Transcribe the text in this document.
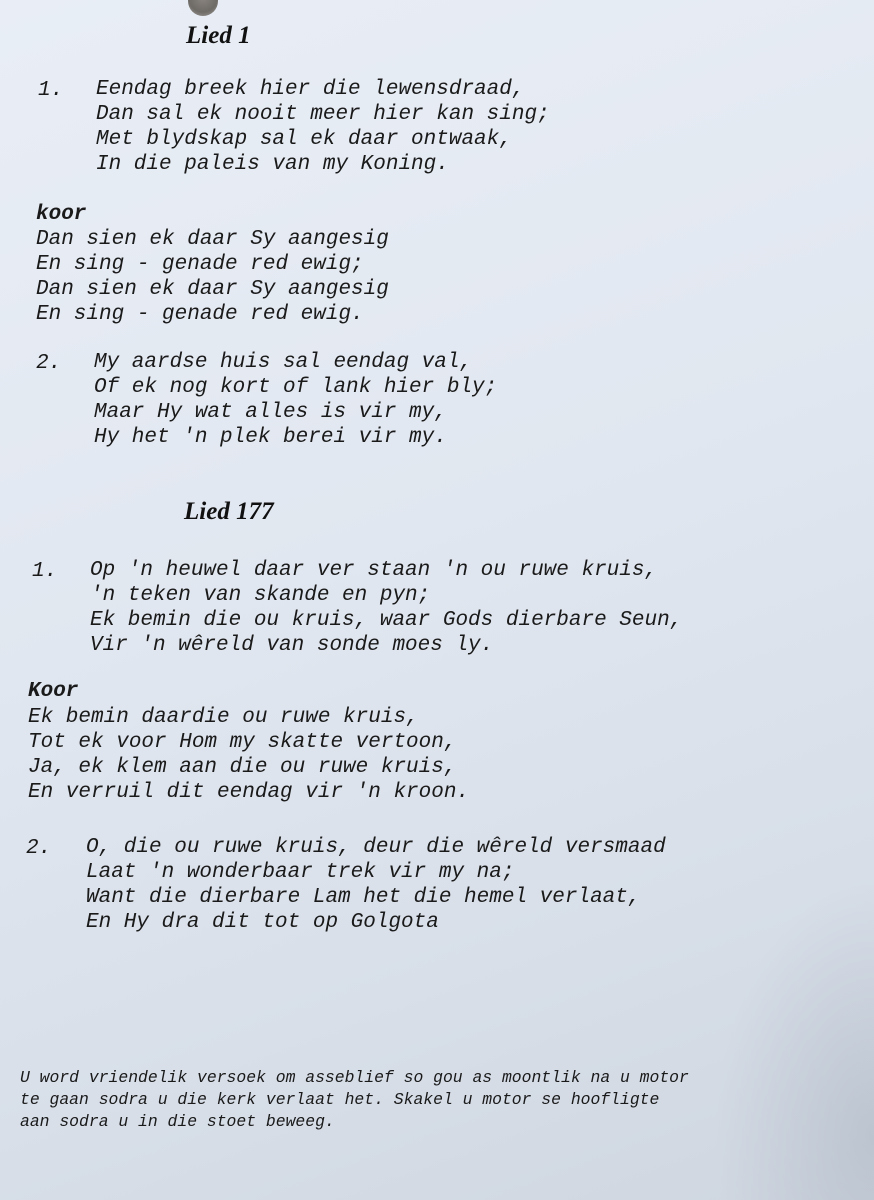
Lied 1
1. Eendag breek hier die lewensdraad,
Dan sal ek nooit meer hier kan sing;
Met blydskap sal ek daar ontwaak,
In die paleis van my Koning.
koor
Dan sien ek daar Sy aangesig
En sing - genade red ewig;
Dan sien ek daar Sy aangesig
En sing - genade red ewig.
2. My aardse huis sal eendag val,
Of ek nog kort of lank hier bly;
Maar Hy wat alles is vir my,
Hy het 'n plek berei vir my.
Lied 177
1. Op 'n heuwel daar ver staan 'n ou ruwe kruis,
'n teken van skande en pyn;
Ek bemin die ou kruis, waar Gods dierbare Seun,
Vir 'n wêreld van sonde moes ly.
Koor
Ek bemin daardie ou ruwe kruis,
Tot ek voor Hom my skatte vertoon,
Ja, ek klem aan die ou ruwe kruis,
En verruil dit eendag vir 'n kroon.
2. O, die ou ruwe kruis, deur die wêreld versmaad
Laat 'n wonderbaar trek vir my na;
Want die dierbare Lam het die hemel verlaat,
En Hy dra dit tot op Golgota
U word vriendelik versoek om asseblief so gou as moontlik na u motor
te gaan sodra u die kerk verlaat het. Skakel u motor se hoofligte
aan sodra u in die stoet beweeg.
